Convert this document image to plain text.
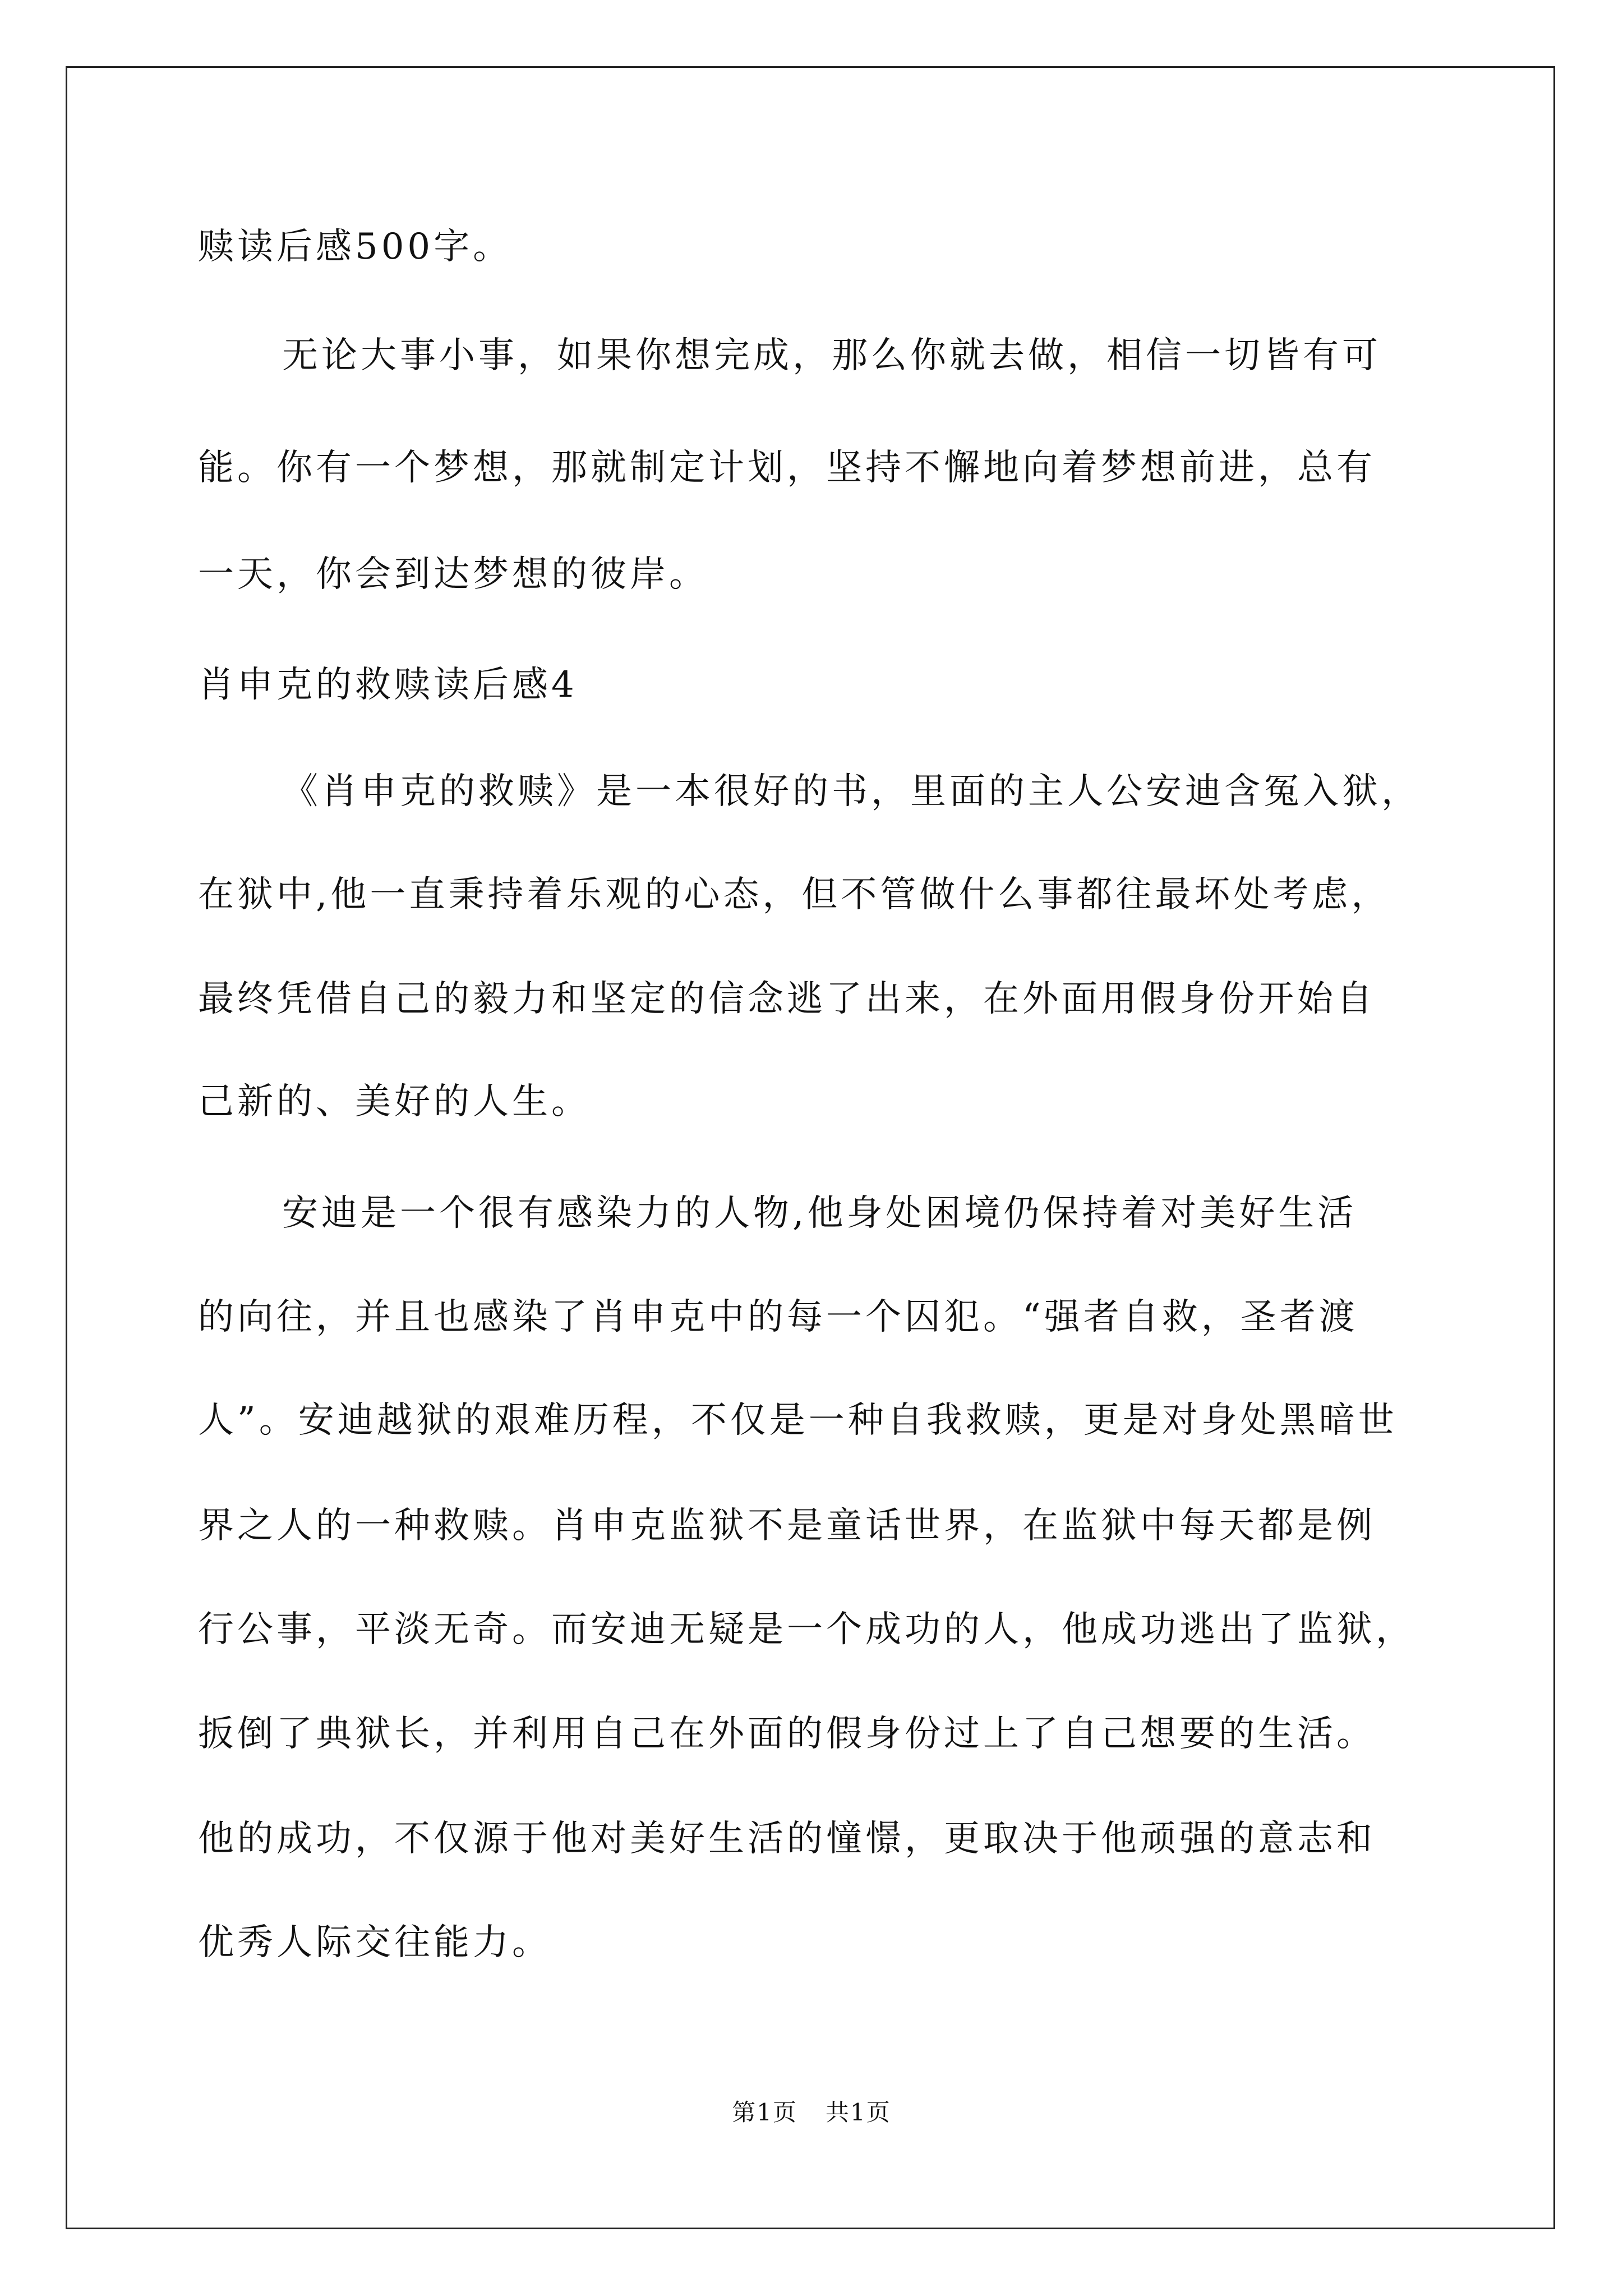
赎读后感500字。
无论大事小事，如果你想完成，那么你就去做，相信一切皆有可
能。你有一个梦想，那就制定计划，坚持不懈地向着梦想前进，总有
一天，你会到达梦想的彼岸。
肖申克的救赎读后感4
《肖申克的救赎》是一本很好的书，里面的主人公安迪含冤入狱，
在狱中,他一直秉持着乐观的心态，但不管做什么事都往最坏处考虑，
最终凭借自己的毅力和坚定的信念逃了出来，在外面用假身份开始自
己新的、美好的人生。
安迪是一个很有感染力的人物,他身处困境仍保持着对美好生活
的向往，并且也感染了肖申克中的每一个囚犯。“强者自救，圣者渡
人”。安迪越狱的艰难历程，不仅是一种自我救赎，更是对身处黑暗世
界之人的一种救赎。肖申克监狱不是童话世界，在监狱中每天都是例
行公事，平淡无奇。而安迪无疑是一个成功的人，他成功逃出了监狱，
扳倒了典狱长，并利用自己在外面的假身份过上了自己想要的生活。
他的成功，不仅源于他对美好生活的憧憬，更取决于他顽强的意志和
优秀人际交往能力。
第1页 共1页
